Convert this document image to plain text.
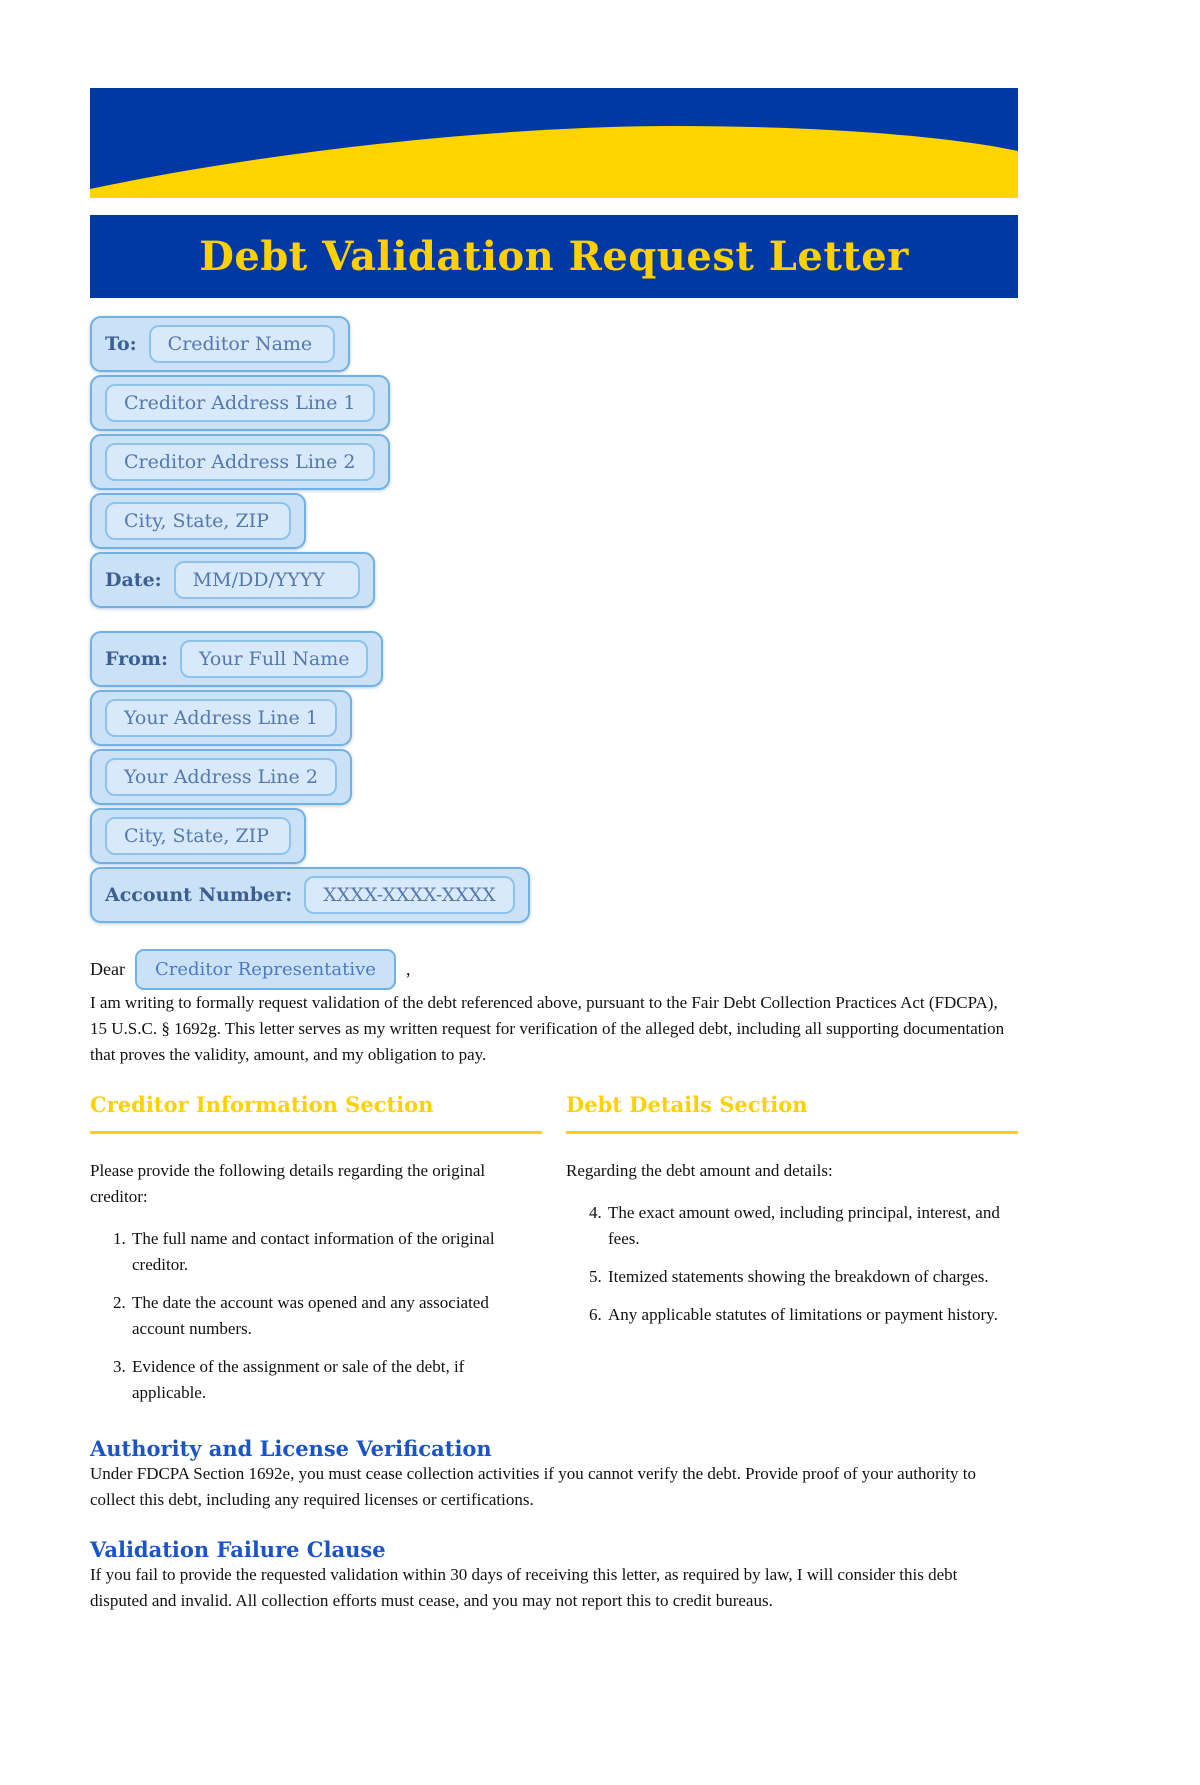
Debt Validation Request Letter
To:	Creditor Name
Creditor Address Line 1
Creditor Address Line 2
City, State, ZIP
Date:	MM/DD/YYYY
From:	Your Full Name
Your Address Line 1
Your Address Line 2
City, State, ZIP
Account Number:	XXXX-XXXX-XXXX
Dear	Creditor Representative	,

I am writing to formally request validation of the debt referenced above, pursuant to the Fair Debt Collection Practices Act (FDCPA), 15 U.S.C. § 1692g. This letter serves as my written request for verification of the alleged debt, including all supporting documentation that proves the validity, amount, and my obligation to pay.

Creditor Information Section

Please provide the following details regarding the original creditor:

1. The full name and contact information of the original creditor.
2. The date the account was opened and any associated account numbers.
3. Evidence of the assignment or sale of the debt, if applicable.
Debt Details Section

Regarding the debt amount and details:

4. The exact amount owed, including principal, interest, and fees.
5. Itemized statements showing the breakdown of charges.
6. Any applicable statutes of limitations or payment history.
Authority and License Verification

Under FDCPA Section 1692e, you must cease collection activities if you cannot verify the debt. Provide proof of your authority to collect this debt, including any required licenses or certifications.

Validation Failure Clause

If you fail to provide the requested validation within 30 days of receiving this letter, as required by law, I will consider this debt disputed and invalid. All collection efforts must cease, and you may not report this to credit bureaus.
